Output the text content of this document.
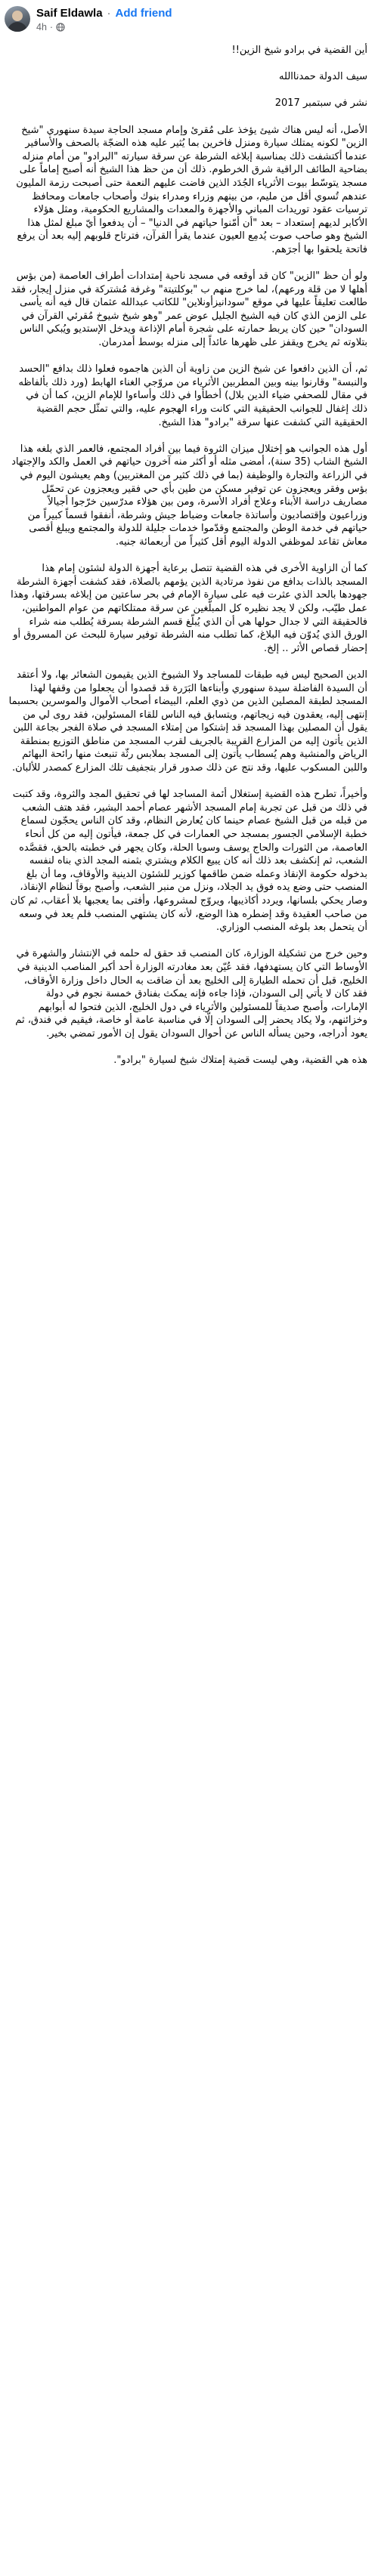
Saif Eldawla · Add friend
4h ·

أين القضية في برادو شيخ الزين!!

سيف الدولة حمدناالله

نشر في سبتمبر 2017

الأصل، أنه ليس هناك شيئ يؤخذ على مُقرئ وإمام مسجد الحاجة سيدة سنهوري "شيخ الزين" لكونه يمتلك سيارة ومنزل فاخرين بما يُثير عليه هذه الضجّة بالصحف والأسافير عندما أكتشفت ذلك بمناسبة إبلاغه الشرطة عن سرقة سيارته "البرادو" من أمام منزله بضاحية الطائف الراقية شرق الخرطوم. ذلك أن من حظ هذا الشيخ أنه أصبح إماماً على مسجد يتوسّط بيوت الأثرياء الجُدَد الذين فاضت عليهم النعمة حتى أصبحت رزمة المليون عندهم تُسوي أقل من مليم، من بينهم وزراء ومدراء بنوك وأصحاب جامعات ومحافظ ترسيات عقود توريدات المباني والأجهزة والمعدات والمشاريع الحكومية، ومثل هؤلاء الأكابر لديهم إستعداد – بعد "أن أمّنوا حياتهم في الدنيا" – أن يدفعوا أيّ مبلغ لمثل هذا الشيخ وهو صاحب صوت يُدمِع العيون عندما يقرأ القرآن، فترتاح قلوبهم إليه بعد أن يرفع فاتحة يلحقوا بها أجرَهم.

ولو أن حظ "الزين" كان قد أوقعه في مسجد ناحية إمتدادات أطراف العاصمة (من بؤس أهلها لا من قلة ورعهم)، لما خرج منهم ب "بوكلتيتة" وغرفة مُشتركة في منزل إيجار، فقد طالعت تعليقاً عليها في موقع "سودانيزأونلاين" للكاتب عبدالله عثمان قال فيه أنه يأسى على الزمن الذي كان فيه الشيخ الجليل عوض عمر "وهو شيخ شيوخ مُقرئي القرآن في السودان" حين كان يربط حمارته على شجرة أمام الإذاعة ويدخل الإستديو ويُبكي الناس بتلاوته ثم يخرج ويقفز على ظهرها عائداً إلى منزله بوسط أمدرمان.

ثم، أن الذين دافعوا عن شيخ الزين من زاوية أن الذين هاجموه فعلوا ذلك بدافع "الحسد والنبسة" وقارنوا بينه وبين المطربين الأثرياء من مروّجي الغناء الهابط (ورد ذلك بألفاظه في مقال للصحفي ضياء الدين بلال) أخطأوا في ذلك وأساءوا للإمام الزين، كما أن في ذلك إغفال للجوانب الحقيقية التي كانت وراء الهجوم عليه، والتي تمثّل حجم القضية الحقيقية التي كشفت عنها سرقة "برادو" هذا الشيخ.

أول هذه الجوانب هو إختلال ميزان الثروة فيما بين أفراد المجتمع، فالعمر الذي بلغه هذا الشيخ الشاب (35 سنة)، أمضى مثله أو أكثر منه آخرون حياتهم في العمل والكد والإجتهاد في الزراعة والتجارة والوظيفة (بما في ذلك كثير من المغتربين) وهم يعيشون اليوم في بؤس وفقر ويعجزون عن توفير مسكن من طين بأي حي فقير ويعجزون عن تحمّل مصاريف دراسة الأبناء وعلاج أفراد الأسرة، ومن بين هؤلاء مدرّسين خرّجوا أجيالاً وزراعيون وإقتصاديون وأساتذة جامعات وضباط جيش وشرطة، أنفقوا قسماً كبيراً من حياتهم في خدمة الوطن والمجتمع وقدّموا خدمات جليلة للدولة والمجتمع ويبلغ أقصى معاش تقاعد لموظفي الدولة اليوم أقل كثيراً من أربعمائة جنيه.

كما أن الزاوية الأخرى في هذه القضية تتصل برعاية أجهزة الدولة لشئون إمام هذا المسجد بالذات بدافع من نفوذ مرتادية الذين يؤمهم بالصلاة، فقد كشفت أجهزة الشرطة جهودها بالحد الذي عثرت فيه على سيارة الإمام في بحر ساعتين من إبلاغه بسرقتها، وهذا عمل طيّب، ولكن لا يجد نظيره كل المبلّغين عن سرقة ممتلكاتهم من عوام المواطنين، فالحقيقة التي لا جدال حولها هي أن الذي يُبلّغ قسم الشرطة بسرقة يُطلب منه شراء الورق الذي يُدوّن فيه البلاغ، كما تطلب منه الشرطة توفير سيارة للبحث عن المسروق أو إحضار قصاص الأثر .. إلخ.

الدين الصحيح ليس فيه طبقات للمساجد ولا الشيوخ الذين يقيمون الشعائر بها، ولا أعتقد أن السيدة الفاضلة سيدة سنهوري وأبناءها البَرَرة قد قصدوا أن يجعلوا من وقفها لهذا المسجد لطبقة المصلين الذين من ذوي العلم، البيضاء أصحاب الأموال والموسرين بحسبما إنتهى إليه، يعقدون فيه زيجاتهم، ويتسابق فيه الناس للقاء المسئولين، فقد روى لي من يقول أن المصلين بهذا المسجد قد إشتكوا من إمتلاء المسجد في صلاة الفجر بجاعة اللبن الذين يأتون إليه من المزارع القريبة بالجريف لقرب المسجد من مناطق التوزيع بمنطقة الرياض والمنشية وهم يُسطاب يأتون إلى المسجد بملابس رثّة تنبعث منها رائحة البهائم واللبن المسكوب عليها، وقد نتج عن ذلك صدور قرار بتجفيف تلك المزارع كمصدر للألبان.

وأخيراً، تطرح هذه القضية إستغلال أئمة المساجد لها في تحقيق المجد والثروة، وقد كتبت في ذلك من قبل عن تجربة إمام المسجد الأشهر عصام أحمد البشير، فقد هتف الشعب من قبله من قبل الشيخ عصام حينما كان يُعارض النظام، وقد كان الناس يحجّون لسماع خطبة الإسلامي الجسور بمسجد حي العمارات في كل جمعة، فيأتون إليه من كل أنحاء العاصمة، من الثورات والحاج يوسف وسوبا الحلة، وكان يجهر في خطبته بالحق، فقصَّده الشعب، ثم إنكشف بعد ذلك أنه كان يبيع الكلام ويشتري بثمنه المجد الذي بناه لنفسه بدخوله حكومة الإنقاذ وعمله ضمن طاقمها كوزير للشئون الدينية والأوقاف، وما أن بلغ المنصب حتى وضع يده فوق يد الجلاد، ونزل من منبر الشعب، وأصبح بوقاً لنظام الإنقاذ، وصار يحكي بلسانها، ويردد أكاذيبها، ويروّج لمشروعها، وأفتى بما يعجبها بلا أعقاب، ثم كان من صاحب العقيدة وقد إضطره هذا الوضع، لأنه كان يشتهي المنصب فلم يعد في وسعه أن يتحمل بعد بلوغه المنصب الوزاري.

وحين خرج من تشكيلة الوزارة، كان المنصب قد حقق له حلمه في الإنتشار والشهرة في الأوساط التي كان يستهدفها، فقد عُيّن بعد مغادرته الوزارة أحد أكبر المناصب الدينية في الخليج، قبل أن تحمله الطيارة إلى الخليج بعد أن ضاقت به الحال داخل وزارة الأوقاف، فقد كان لا يأتي إلى السودان، فإذا جاءه فإنه يمكث بفنادق خمسة نجوم في دولة الإمارات، وأصبح صديقاً للمسئولين والأثرياء في دول الخليج، الذين فتحوا له أبوابهم وخزائنهم، ولا يكاد يحضر إلى السودان إلّا في مناسبة عامة أو خاصة، فيقيم في فندق، ثم يعود أدراجه، وحين يسأله الناس عن أحوال السودان يقول إن الأمور تمضي بخير.

هذه هي القضية، وهي ليست قضية إمتلاك شيخ لسيارة "برادو".
